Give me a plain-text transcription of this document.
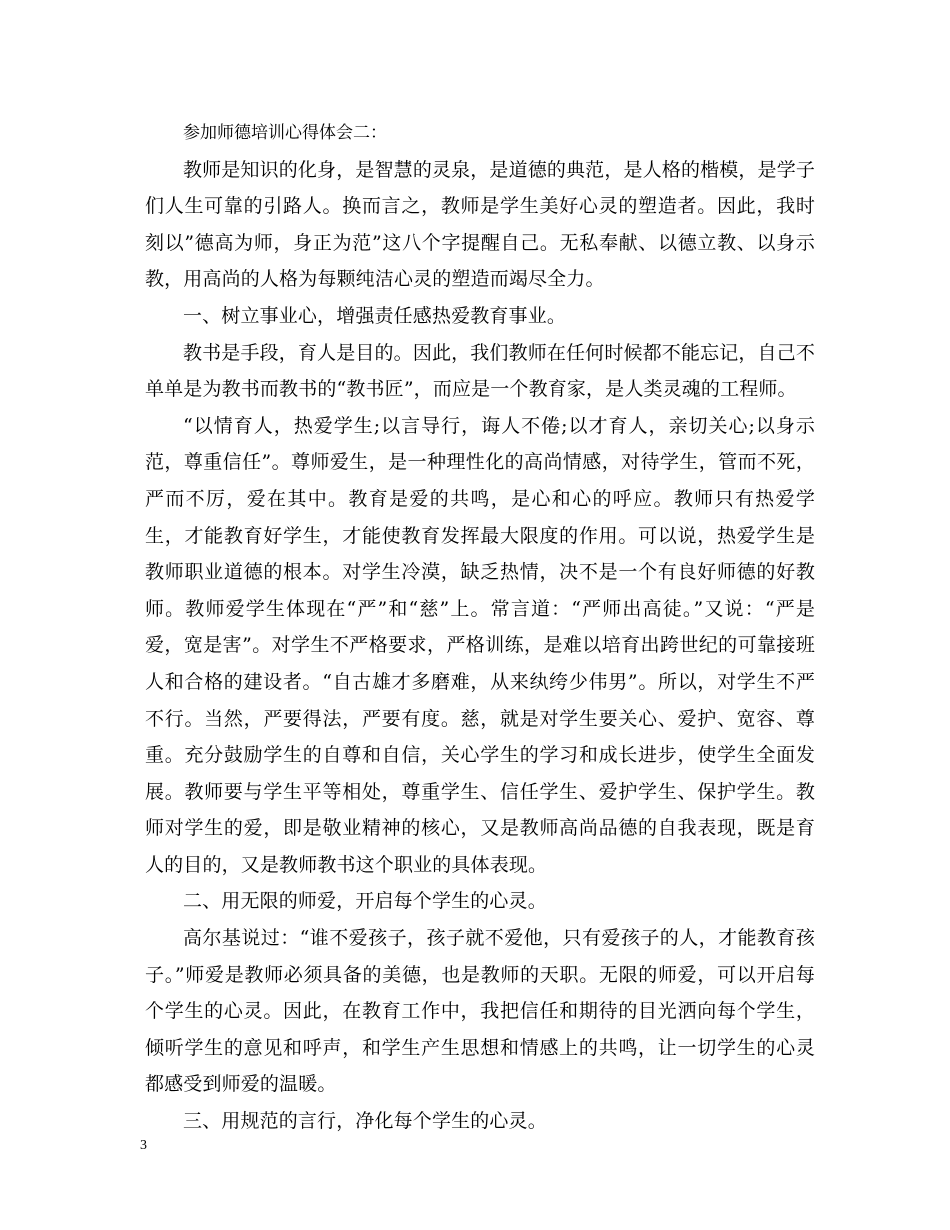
参加师德培训心得体会二：

教师是知识的化身，是智慧的灵泉，是道德的典范，是人格的楷模，是学子们人生可靠的引路人。换而言之，教师是学生美好心灵的塑造者。因此，我时刻以”德高为师，身正为范”这八个字提醒自己。无私奉献、以德立教、以身示教，用高尚的人格为每颗纯洁心灵的塑造而竭尽全力。

一、树立事业心，增强责任感热爱教育事业。

教书是手段，育人是目的。因此，我们教师在任何时候都不能忘记，自己不单单是为教书而教书的“教书匠”，而应是一个教育家，是人类灵魂的工程师。

“以情育人，热爱学生;以言导行，诲人不倦;以才育人，亲切关心;以身示范，尊重信任”。尊师爱生，是一种理性化的高尚情感，对待学生，管而不死，严而不厉，爱在其中。教育是爱的共鸣，是心和心的呼应。教师只有热爱学生，才能教育好学生，才能使教育发挥最大限度的作用。可以说，热爱学生是教师职业道德的根本。对学生冷漠，缺乏热情，决不是一个有良好师德的好教师。教师爱学生体现在“严”和“慈”上。常言道：“严师出高徒。”又说：“严是爱，宽是害”。对学生不严格要求，严格训练，是难以培育出跨世纪的可靠接班人和合格的建设者。“自古雄才多磨难，从来纨绔少伟男”。所以，对学生不严不行。当然，严要得法，严要有度。慈，就是对学生要关心、爱护、宽容、尊重。充分鼓励学生的自尊和自信，关心学生的学习和成长进步，使学生全面发展。教师要与学生平等相处，尊重学生、信任学生、爱护学生、保护学生。教师对学生的爱，即是敬业精神的核心，又是教师高尚品德的自我表现，既是育人的目的，又是教师教书这个职业的具体表现。

二、用无限的师爱，开启每个学生的心灵。

高尔基说过：“谁不爱孩子，孩子就不爱他，只有爱孩子的人，才能教育孩子。”师爱是教师必须具备的美德，也是教师的天职。无限的师爱，可以开启每个学生的心灵。因此，在教育工作中，我把信任和期待的目光洒向每个学生，倾听学生的意见和呼声，和学生产生思想和情感上的共鸣，让一切学生的心灵都感受到师爱的温暖。

三、用规范的言行，净化每个学生的心灵。

3
